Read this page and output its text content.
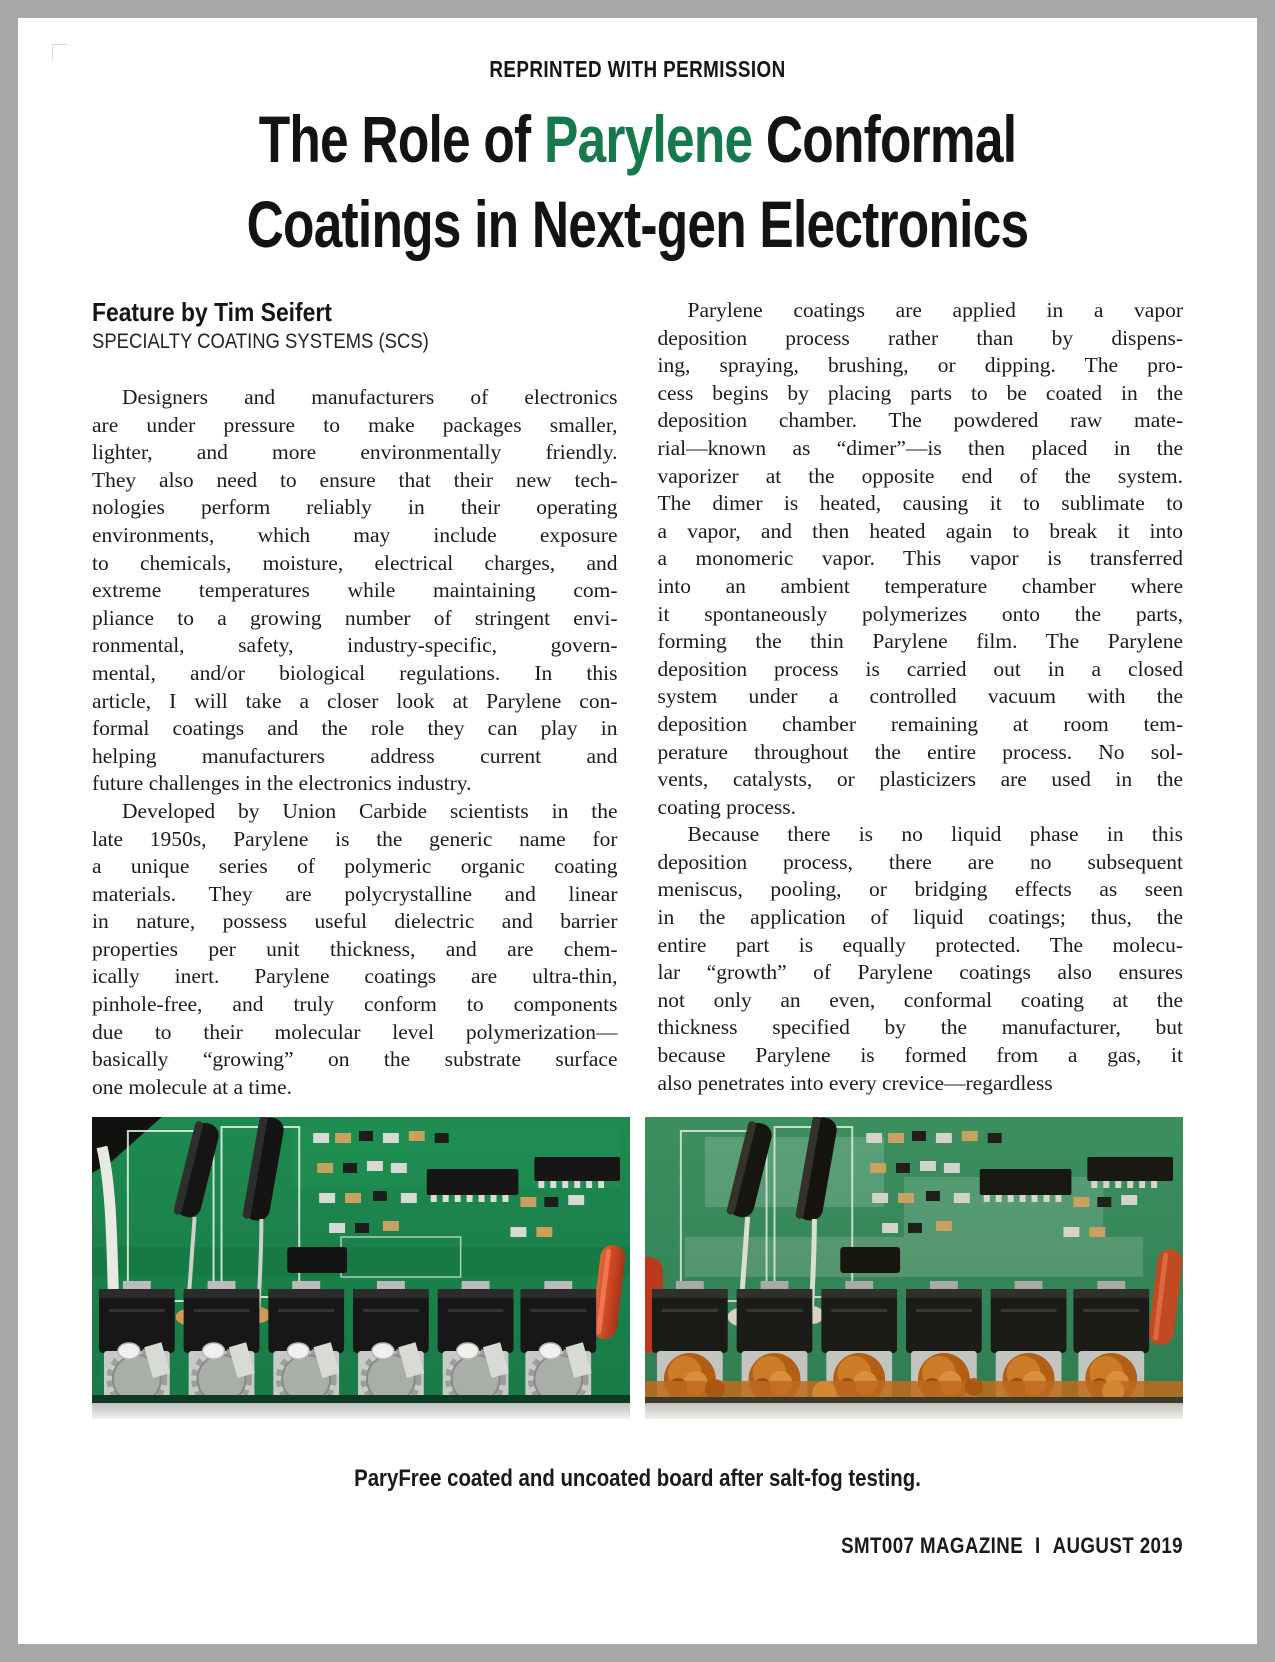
REPRINTED WITH PERMISSION
The Role of Parylene Conformal
Coatings in Next-gen Electronics
Feature by Tim Seifert
SPECIALTY COATING SYSTEMS (SCS)
Designers and manufacturers of electronics
are under pressure to make packages smaller,
lighter, and more environmentally friendly.
They also need to ensure that their new tech-
nologies perform reliably in their operating
environments, which may include exposure
to chemicals, moisture, electrical charges, and
extreme temperatures while maintaining com-
pliance to a growing number of stringent envi-
ronmental, safety, industry-specific, govern-
mental, and/or biological regulations. In this
article, I will take a closer look at Parylene con-
formal coatings and the role they can play in
helping manufacturers address current and
future challenges in the electronics industry.
Developed by Union Carbide scientists in the
late 1950s, Parylene is the generic name for
a unique series of polymeric organic coating
materials. They are polycrystalline and linear
in nature, possess useful dielectric and barrier
properties per unit thickness, and are chem-
ically inert. Parylene coatings are ultra-thin,
pinhole-free, and truly conform to components
due to their molecular level polymerization—
basically “growing” on the substrate surface
one molecule at a time.
Parylene coatings are applied in a vapor
deposition process rather than by dispens-
ing, spraying, brushing, or dipping. The pro-
cess begins by placing parts to be coated in the
deposition chamber. The powdered raw mate-
rial—known as “dimer”—is then placed in the
vaporizer at the opposite end of the system.
The dimer is heated, causing it to sublimate to
a vapor, and then heated again to break it into
a monomeric vapor. This vapor is transferred
into an ambient temperature chamber where
it spontaneously polymerizes onto the parts,
forming the thin Parylene film. The Parylene
deposition process is carried out in a closed
system under a controlled vacuum with the
deposition chamber remaining at room tem-
perature throughout the entire process. No sol-
vents, catalysts, or plasticizers are used in the
coating process.
Because there is no liquid phase in this
deposition process, there are no subsequent
meniscus, pooling, or bridging effects as seen
in the application of liquid coatings; thus, the
entire part is equally protected. The molecu-
lar “growth” of Parylene coatings also ensures
not only an even, conformal coating at the
thickness specified by the manufacturer, but
because Parylene is formed from a gas, it
also penetrates into every crevice—regardless
ParyFree coated and uncoated board after salt-fog testing.
SMT007 MAGAZINE I AUGUST 2019
